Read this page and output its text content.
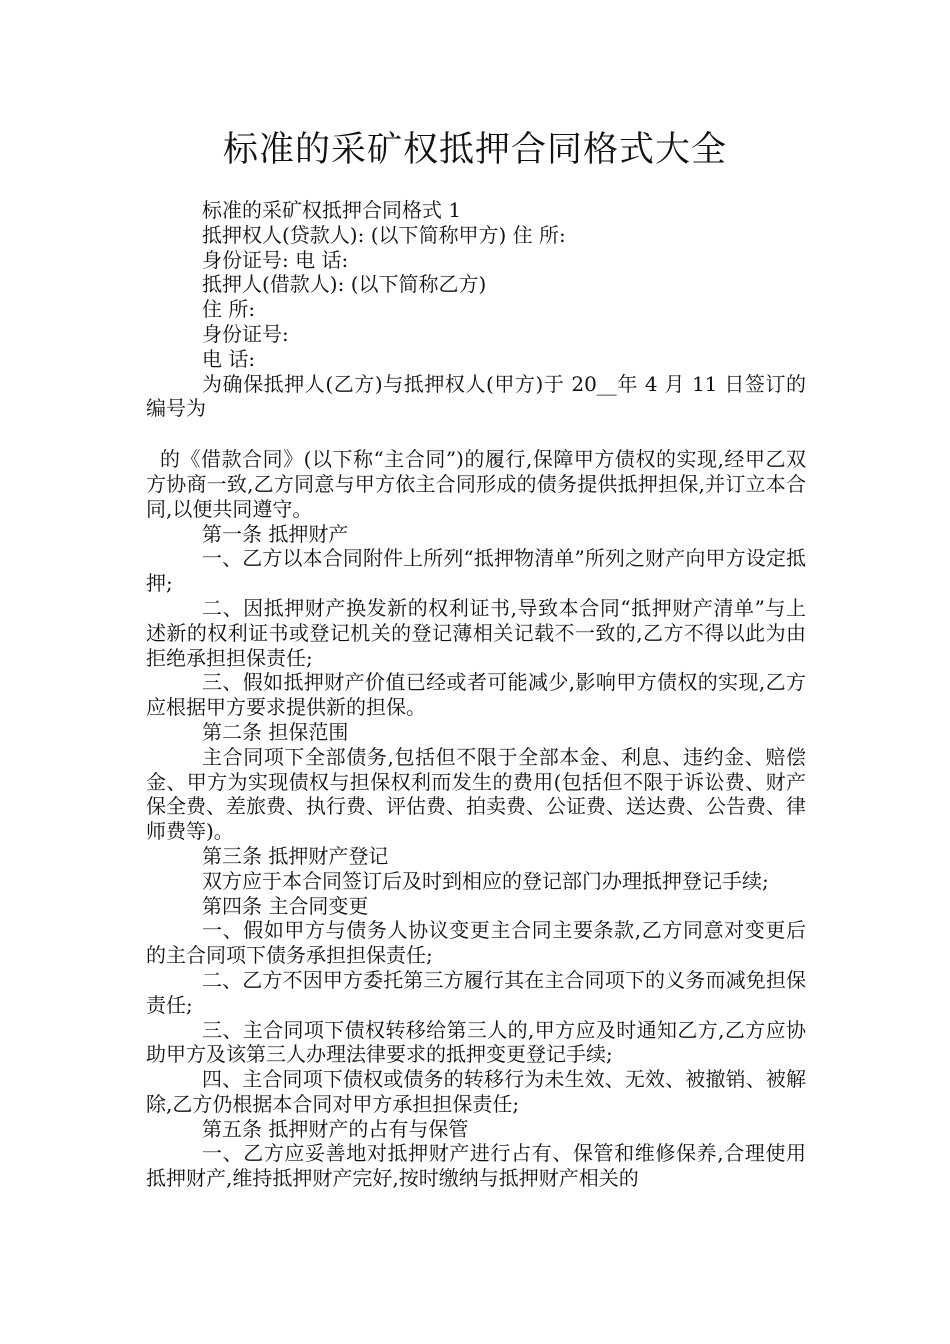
标准的采矿权抵押合同格式大全

标准的采矿权抵押合同格式 1

抵押权人(贷款人): (以下简称甲方) 住 所:

身份证号: 电 话:

抵押人(借款人): (以下简称乙方)

住 所:

身份证号:

电 话:

为确保抵押人(乙方)与抵押权人(甲方)于 20__年 4 月 11 日签订的编号为

的《借款合同》(以下称“主合同”)的履行,保障甲方债权的实现,经甲乙双方协商一致,乙方同意与甲方依主合同形成的债务提供抵押担保,并订立本合同,以便共同遵守。

第一条 抵押财产

一、乙方以本合同附件上所列“抵押物清单”所列之财产向甲方设定抵押;

二、因抵押财产换发新的权利证书,导致本合同“抵押财产清单”与上述新的权利证书或登记机关的登记薄相关记载不一致的,乙方不得以此为由拒绝承担担保责任;

三、假如抵押财产价值已经或者可能减少,影响甲方债权的实现,乙方应根据甲方要求提供新的担保。

第二条 担保范围

主合同项下全部债务,包括但不限于全部本金、利息、违约金、赔偿金、甲方为实现债权与担保权利而发生的费用(包括但不限于诉讼费、财产保全费、差旅费、执行费、评估费、拍卖费、公证费、送达费、公告费、律师费等)。

第三条 抵押财产登记

双方应于本合同签订后及时到相应的登记部门办理抵押登记手续;

第四条 主合同变更

一、假如甲方与债务人协议变更主合同主要条款,乙方同意对变更后的主合同项下债务承担担保责任;

二、乙方不因甲方委托第三方履行其在主合同项下的义务而减免担保责任;

三、主合同项下债权转移给第三人的,甲方应及时通知乙方,乙方应协助甲方及该第三人办理法律要求的抵押变更登记手续;

四、主合同项下债权或债务的转移行为未生效、无效、被撤销、被解除,乙方仍根据本合同对甲方承担担保责任;

第五条 抵押财产的占有与保管

一、乙方应妥善地对抵押财产进行占有、保管和维修保养,合理使用抵押财产,维持抵押财产完好,按时缴纳与抵押财产相关的
